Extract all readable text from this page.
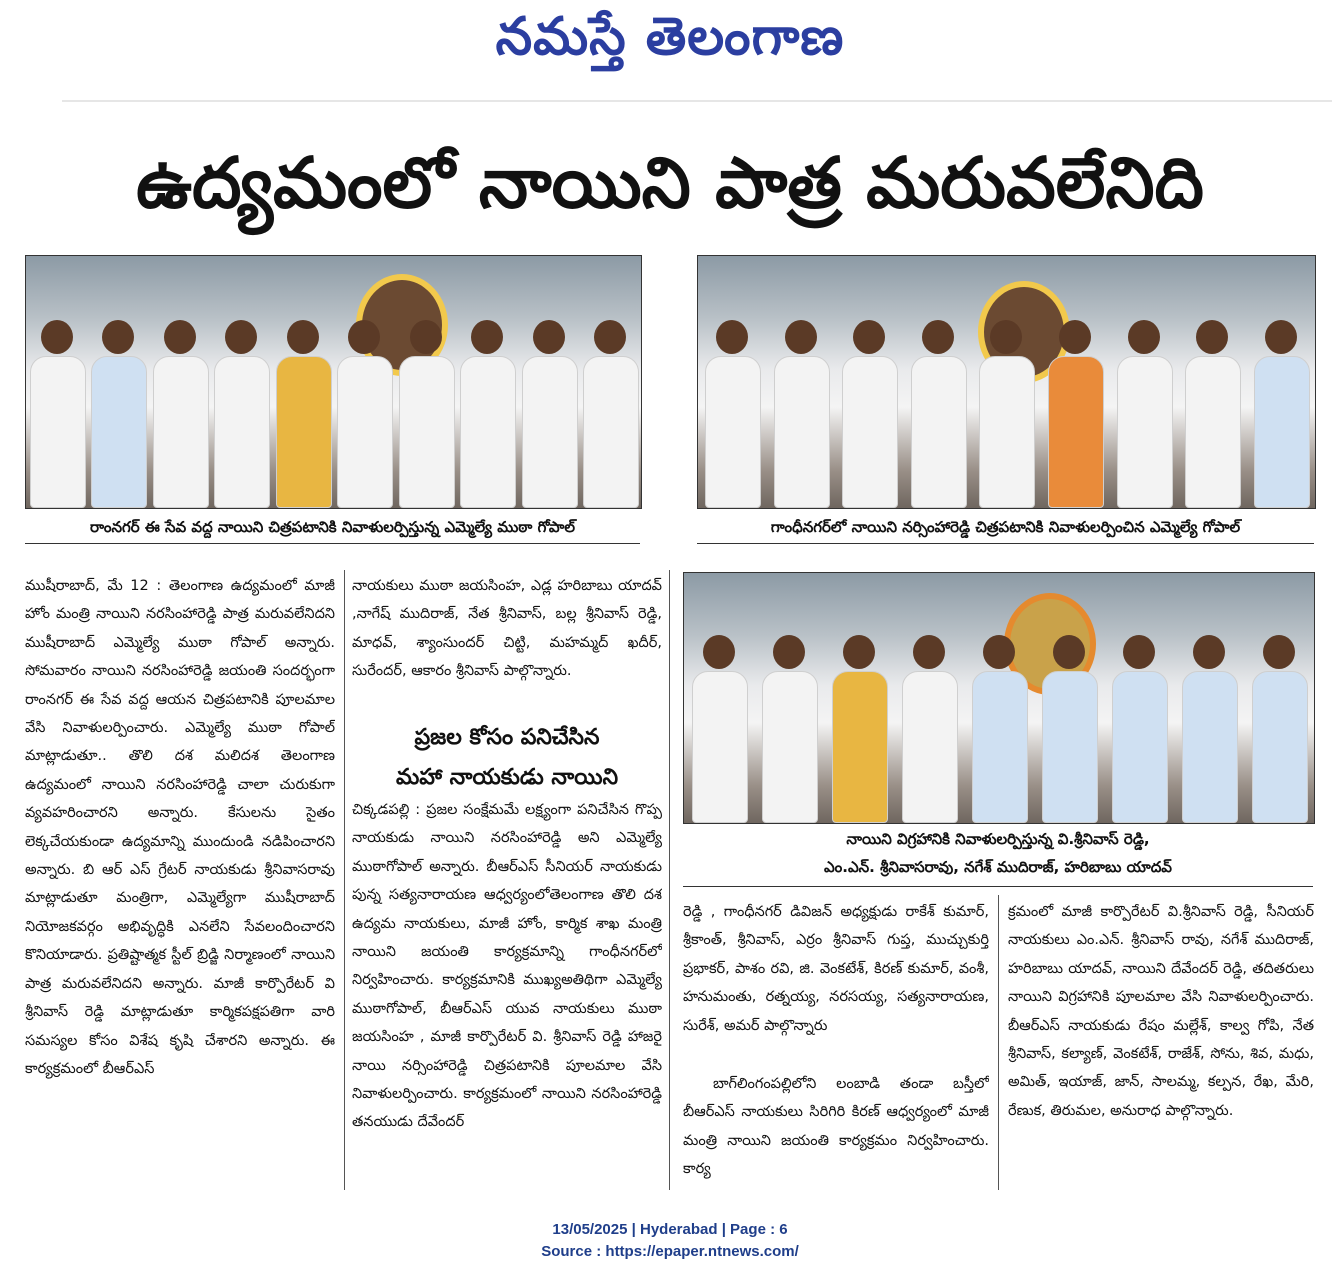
నమస్తే తెలంగాణ
ఉద్యమంలో నాయిని పాత్ర మరువలేనిది
రాంనగర్ ఈ సేవ వద్ద నాయిని చిత్రపటానికి నివాళులర్పిస్తున్న ఎమ్మెల్యే ముఠా గోపాల్	గాంధీనగర్‌లో నాయిని నర్సింహారెడ్డి చిత్రపటానికి నివాళులర్పించిన ఎమ్మెల్యే గోపాల్
నాయిని విగ్రహానికి నివాళులర్పిస్తున్న వి.శ్రీనివాస్ రెడ్డి,
ఎం.ఎన్. శ్రీనివాసరావు, నగేశ్ ముదిరాజ్, హరిబాబు యాదవ్

ముషీరాబాద్, మే 12 : తెలంగాణ ఉద్యమంలో మాజీ హోం మంత్రి నాయిని నరసింహారెడ్డి పాత్ర మరువలేనిదని ముషీరాబాద్ ఎమ్మెల్యే ముఠా గోపాల్ అన్నారు. సోమవారం నాయిని నరసింహారెడ్డి జయంతి సందర్భంగా రాంనగర్ ఈ సేవ వద్ద ఆయన చిత్రపటానికి పూలమాల వేసి నివాళులర్పించారు. ఎమ్మెల్యే ముఠా గోపాల్ మాట్లాడుతూ.. తొలి దశ మలిదశ తెలంగాణ ఉద్యమంలో నాయిని నరసింహారెడ్డి చాలా చురుకుగా వ్యవహరించారని అన్నారు. కేసులను సైతం లెక్కచేయకుండా ఉద్యమాన్ని ముందుండి నడిపించారని అన్నారు. బి ఆర్ ఎస్ గ్రేటర్ నాయకుడు శ్రీనివాసరావు మాట్లాడుతూ మంత్రిగా, ఎమ్మెల్యేగా ముషీరాబాద్ నియోజకవర్గం అభివృద్ధికి ఎనలేని సేవలందించారని కొనియాడారు. ప్రతిష్టాత్మక స్టీల్ బ్రిడ్జి నిర్మాణంలో నాయిని పాత్ర మరువలేనిదని అన్నారు. మాజీ కార్పొరేటర్ వి శ్రీనివాస్ రెడ్డి మాట్లాడుతూ కార్మికపక్షపతిగా వారి సమస్యల కోసం విశేష కృషి చేశారని అన్నారు. ఈ కార్యక్రమంలో బీఆర్ఎస్

నాయకులు ముఠా జయసింహ, ఎడ్ల హరిబాబు యాదవ్ ,నాగేష్ ముదిరాజ్, నేత శ్రీనివాస్, బల్ల శ్రీనివాస్ రెడ్డి, మాధవ్, శ్యాంసుందర్ చిట్టి, మహమ్మద్ ఖదీర్, సురేందర్, ఆకారం శ్రీనివాస్ పాల్గొన్నారు.

ప్రజల కోసం పనిచేసిన
మహా నాయకుడు నాయిని

చిక్కడపల్లి : ప్రజల సంక్షేమమే లక్ష్యంగా పనిచేసిన గొప్ప నాయకుడు నాయిని నరసింహారెడ్డి అని ఎమ్మెల్యే ముఠాగోపాల్ అన్నారు. బీఆర్ఎస్ సీనియర్ నాయకుడు పున్న సత్యనారాయణ ఆధ్వర్యంలోతెలంగాణ తొలి దశ ఉద్యమ నాయకులు, మాజీ హోం, కార్మిక శాఖ మంత్రి నాయిని జయంతి కార్యక్రమాన్ని గాంధీనగర్‌లో నిర్వహించారు. కార్యక్రమానికి ముఖ్యఅతిథిగా ఎమ్మెల్యే ముఠాగోపాల్, బీఆర్ఎస్ యువ నాయకులు ముఠా జయసింహ , మాజీ కార్పొరేటర్ వి. శ్రీనివాస్ రెడ్డి హాజరై నాయి నర్సింహారెడ్డి చిత్రపటానికి పూలమాల వేసి నివాళులర్పించారు. కార్యక్రమంలో నాయిని నరసింహారెడ్డి తనయుడు దేవేందర్

రెడ్డి , గాంధీనగర్ డివిజన్ అధ్యక్షుడు రాకేశ్ కుమార్, శ్రీకాంత్, శ్రీనివాస్, ఎర్రం శ్రీనివాస్ గుప్త, ముచ్చుకుర్తి ప్రభాకర్, పాశం రవి, జి. వెంకటేశ్, కిరణ్ కుమార్, వంశీ, హనుమంతు, రత్నయ్య, నరసయ్య, సత్యనారాయణ, సురేశ్, అమర్ పాల్గొన్నారు

బాగ్‌లింగంపల్లిలోని లంబాడి తండా బస్తీలో బీఆర్ఎస్ నాయకులు సిరిగిరి కిరణ్ ఆధ్వర్యంలో మాజీ మంత్రి నాయిని జయంతి కార్యక్రమం నిర్వహించారు. కార్య

క్రమంలో మాజీ కార్పొరేటర్ వి.శ్రీనివాస్ రెడ్డి, సీనియర్ నాయకులు ఎం.ఎన్. శ్రీనివాస్ రావు, నగేశ్ ముదిరాజ్, హరిబాబు యాదవ్, నాయిని దేవేందర్ రెడ్డి, తదితరులు నాయిని విగ్రహానికి పూలమాల వేసి నివాళులర్పించారు. బీఆర్ఎస్ నాయకుడు రేషం మల్లేశ్, కాల్వ గోపి, నేత శ్రీనివాస్, కల్యాణ్, వెంకటేశ్, రాజేశ్, సోను, శివ, మధు, అమిత్, ఇయాజ్, జాన్, సాలమ్మ, కల్పన, రేఖ, మేరి, రేణుక, తిరుమల, అనురాధ పాల్గొన్నారు.

13/05/2025 | Hyderabad | Page : 6
Source : https://epaper.ntnews.com/
